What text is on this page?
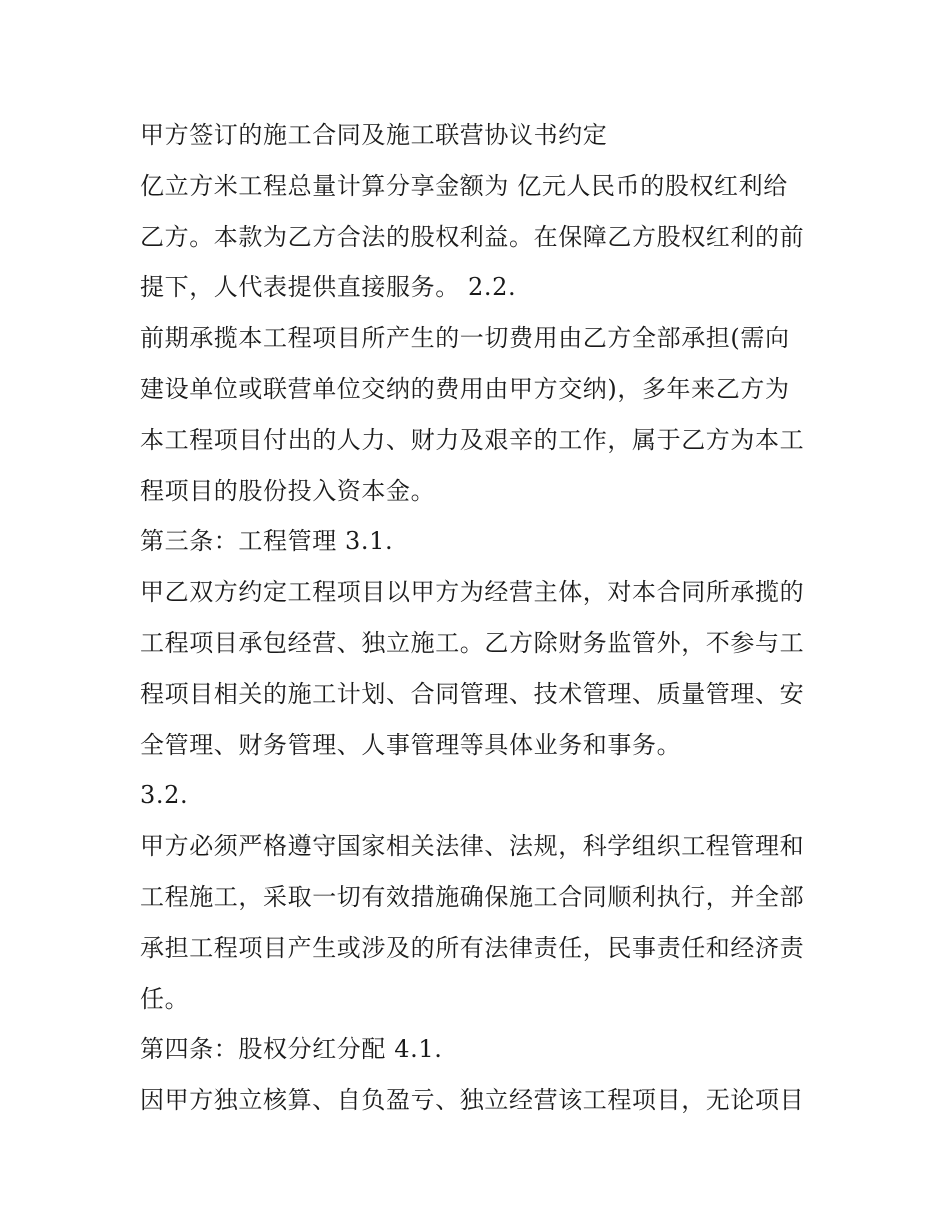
甲方签订的施工合同及施工联营协议书约定
亿立方米工程总量计算分享金额为 亿元人民币的股权红利给
乙方。本款为乙方合法的股权利益。在保障乙方股权红利的前
提下，人代表提供直接服务。 2.2.
前期承揽本工程项目所产生的一切费用由乙方全部承担(需向
建设单位或联营单位交纳的费用由甲方交纳)，多年来乙方为
本工程项目付出的人力、财力及艰辛的工作，属于乙方为本工
程项目的股份投入资本金。
第三条：工程管理 3.1.
甲乙双方约定工程项目以甲方为经营主体，对本合同所承揽的
工程项目承包经营、独立施工。乙方除财务监管外，不参与工
程项目相关的施工计划、合同管理、技术管理、质量管理、安
全管理、财务管理、人事管理等具体业务和事务。
3.2.
甲方必须严格遵守国家相关法律、法规，科学组织工程管理和
工程施工，采取一切有效措施确保施工合同顺利执行，并全部
承担工程项目产生或涉及的所有法律责任，民事责任和经济责
任。
第四条：股权分红分配 4.1.
因甲方独立核算、自负盈亏、独立经营该工程项目，无论项目
